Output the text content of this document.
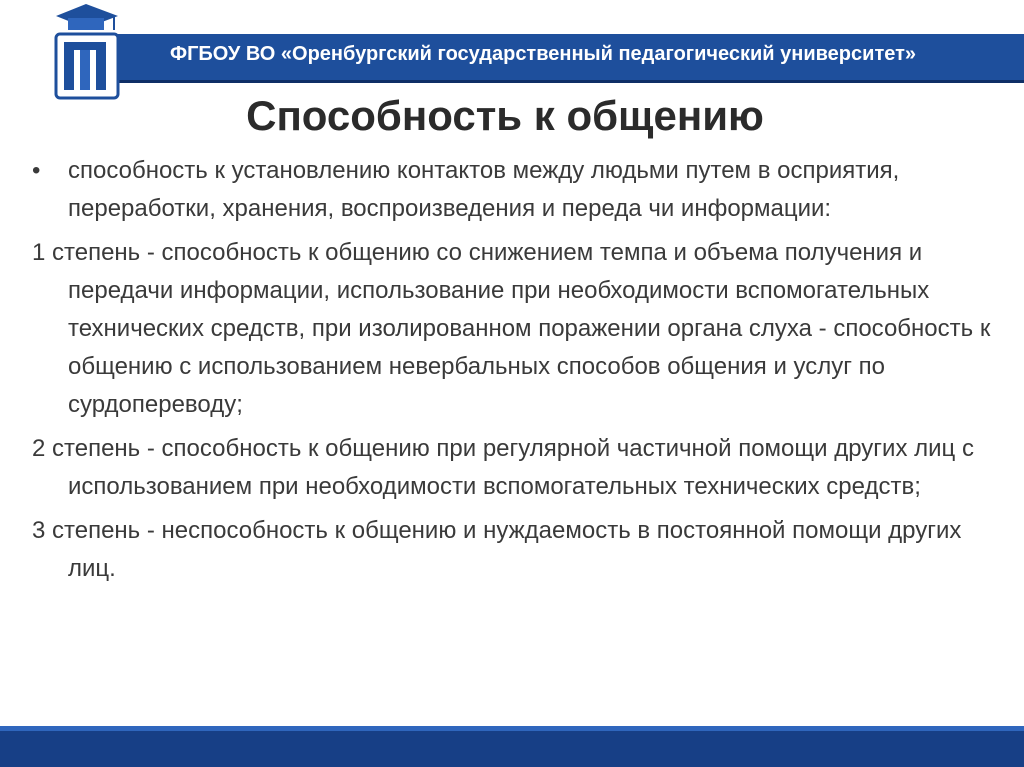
ФГБОУ ВО «Оренбургский государственный педагогический университет»
Способность к общению
• способность к установлению контактов между людьми путем в осприятия, переработки, хранения, воспроизведения и переда чи информации:
1 степень - способность к общению со снижением темпа и объема получения и передачи информации, использование при необходимости вспомогательных технических средств, при изолированном поражении органа слуха - способность к общению с использованием невербальных способов общения и услуг по сурдопереводу;
2 степень - способность к общению при регулярной частичной помощи других лиц с использованием при необходимости вспомогательных технических средств;
3 степень - неспособность к общению и нуждаемость в постоянной помощи других лиц.
